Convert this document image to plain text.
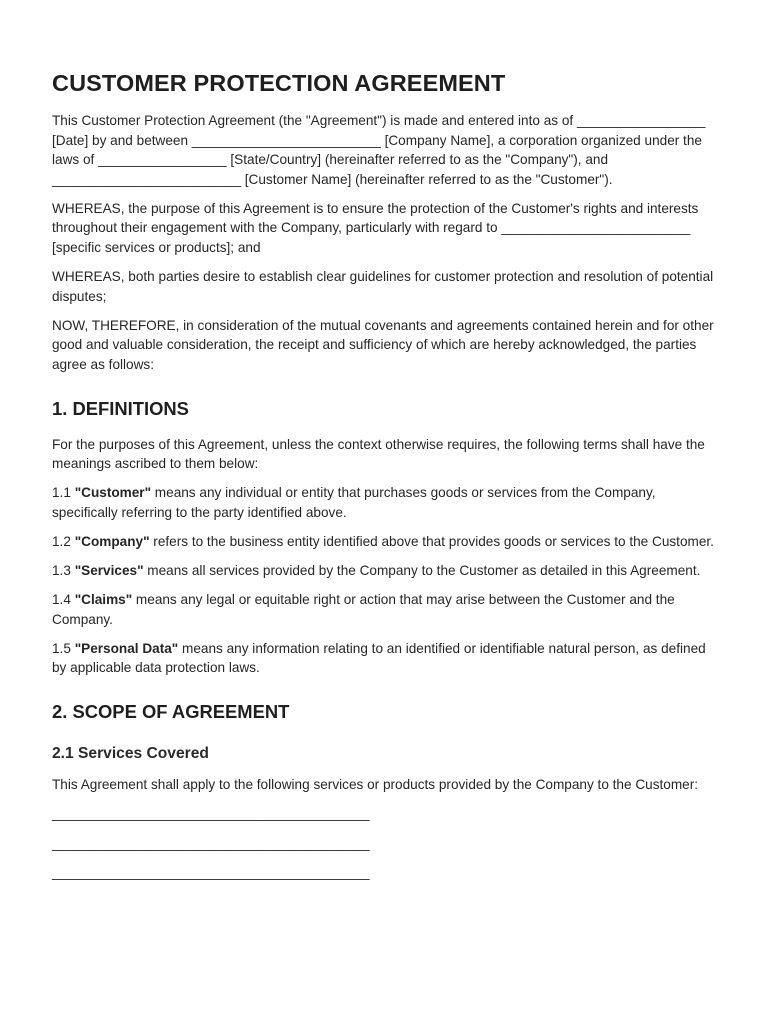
CUSTOMER PROTECTION AGREEMENT

This Customer Protection Agreement (the "Agreement") is made and entered into as of _________________ [Date] by and between _________________________ [Company Name], a corporation organized under the laws of _________________ [State/Country] (hereinafter referred to as the "Company"), and _________________________ [Customer Name] (hereinafter referred to as the "Customer").

WHEREAS, the purpose of this Agreement is to ensure the protection of the Customer's rights and interests throughout their engagement with the Company, particularly with regard to _________________________ [specific services or products]; and

WHEREAS, both parties desire to establish clear guidelines for customer protection and resolution of potential disputes;

NOW, THEREFORE, in consideration of the mutual covenants and agreements contained herein and for other good and valuable consideration, the receipt and sufficiency of which are hereby acknowledged, the parties agree as follows:

1. DEFINITIONS

For the purposes of this Agreement, unless the context otherwise requires, the following terms shall have the meanings ascribed to them below:

1.1 "Customer" means any individual or entity that purchases goods or services from the Company, specifically referring to the party identified above.

1.2 "Company" refers to the business entity identified above that provides goods or services to the Customer.

1.3 "Services" means all services provided by the Company to the Customer as detailed in this Agreement.

1.4 "Claims" means any legal or equitable right or action that may arise between the Customer and the Company.

1.5 "Personal Data" means any information relating to an identified or identifiable natural person, as defined by applicable data protection laws.

2. SCOPE OF AGREEMENT
2.1 Services Covered

This Agreement shall apply to the following services or products provided by the Company to the Customer:

__________________________________________
__________________________________________
__________________________________________
